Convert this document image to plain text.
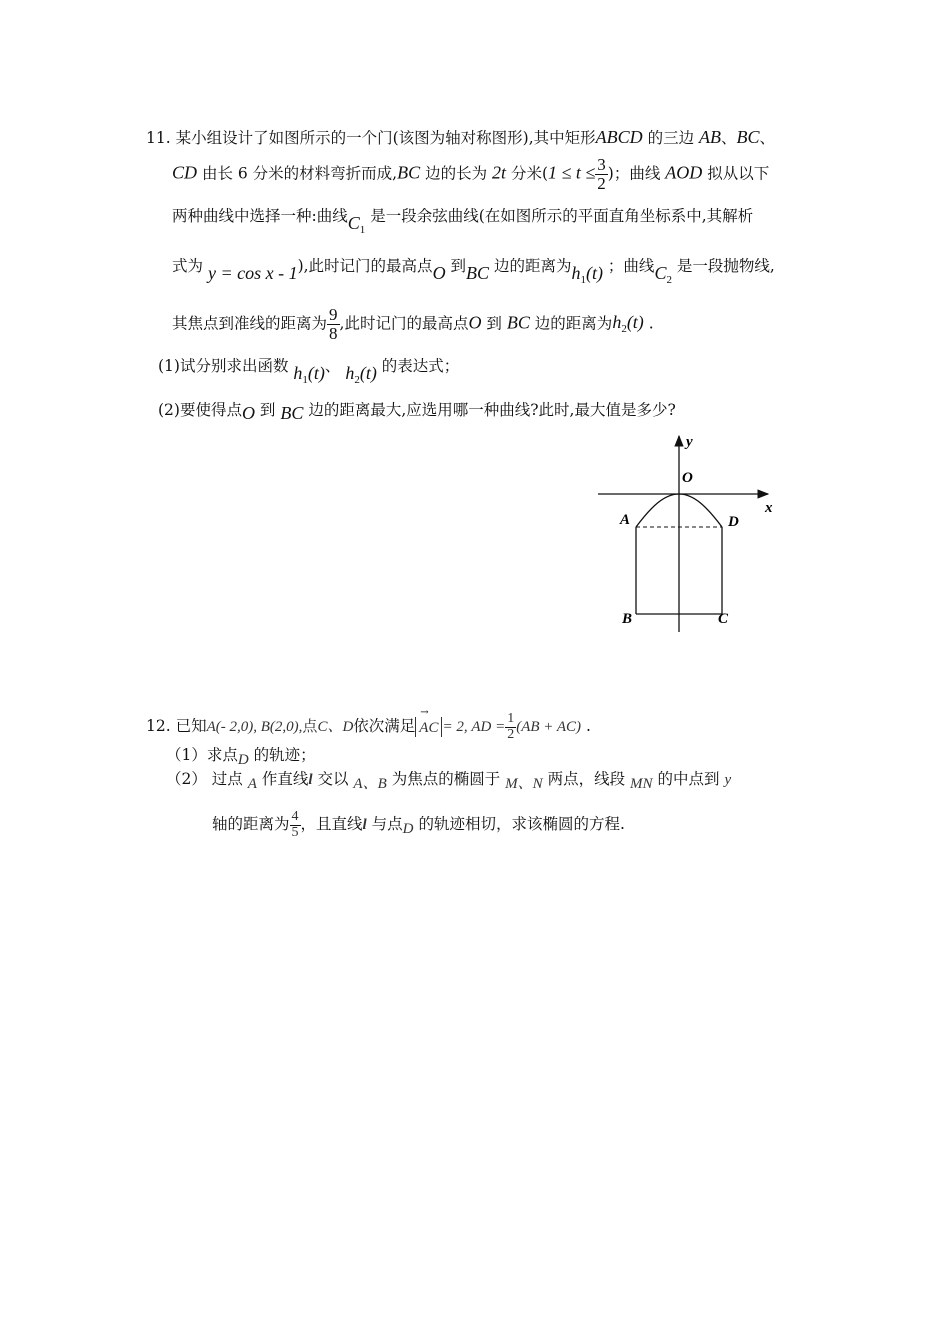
11. 某小组设计了如图所示的一个门(该图为轴对称图形),其中矩形ABCD 的三边 AB、BC、
CD 由长 6 分米的材料弯折而成,BC 边的长为 2t 分米($1 \le t \le \frac{3}{2}$ )；曲线 AOD 拟从以下
两种曲线中选择一种:曲线$C_1$ 是一段余弦曲线(在如图所示的平面直角坐标系中,其解析
式为 y = cos x - 1),此时记门的最高点O 到BC 边的距离为$h_1(t)$ ；曲线$C_2$ 是一段抛物线,
其焦点到准线的距离为 $\frac{9}{8}$ ,此时记门的最高点O 到 BC 边的距离为$h_2(t)$ .
(1)试分别求出函数 $h_1(t)$、 $h_2(t)$ 的表达式；
(2)要使得点O 到 BC 边的距离最大,应选用哪一种曲线?此时,最大值是多少?
y
O
x
A	D
B	C
12. 已知A(- 2,0), B(2,0),点C、D依次满足
→
AC = 2, AD = $\frac{1}{2} (AB + AC)$ .
（1）求点D 的轨迹；
（2） 过点 A 作直线l 交以 A、B 为焦点的椭圆于 M、N 两点，线段 MN 的中点到 y
轴的距离为 $\frac{4}{5}$ ，且直线l 与点D 的轨迹相切，求该椭圆的方程.
